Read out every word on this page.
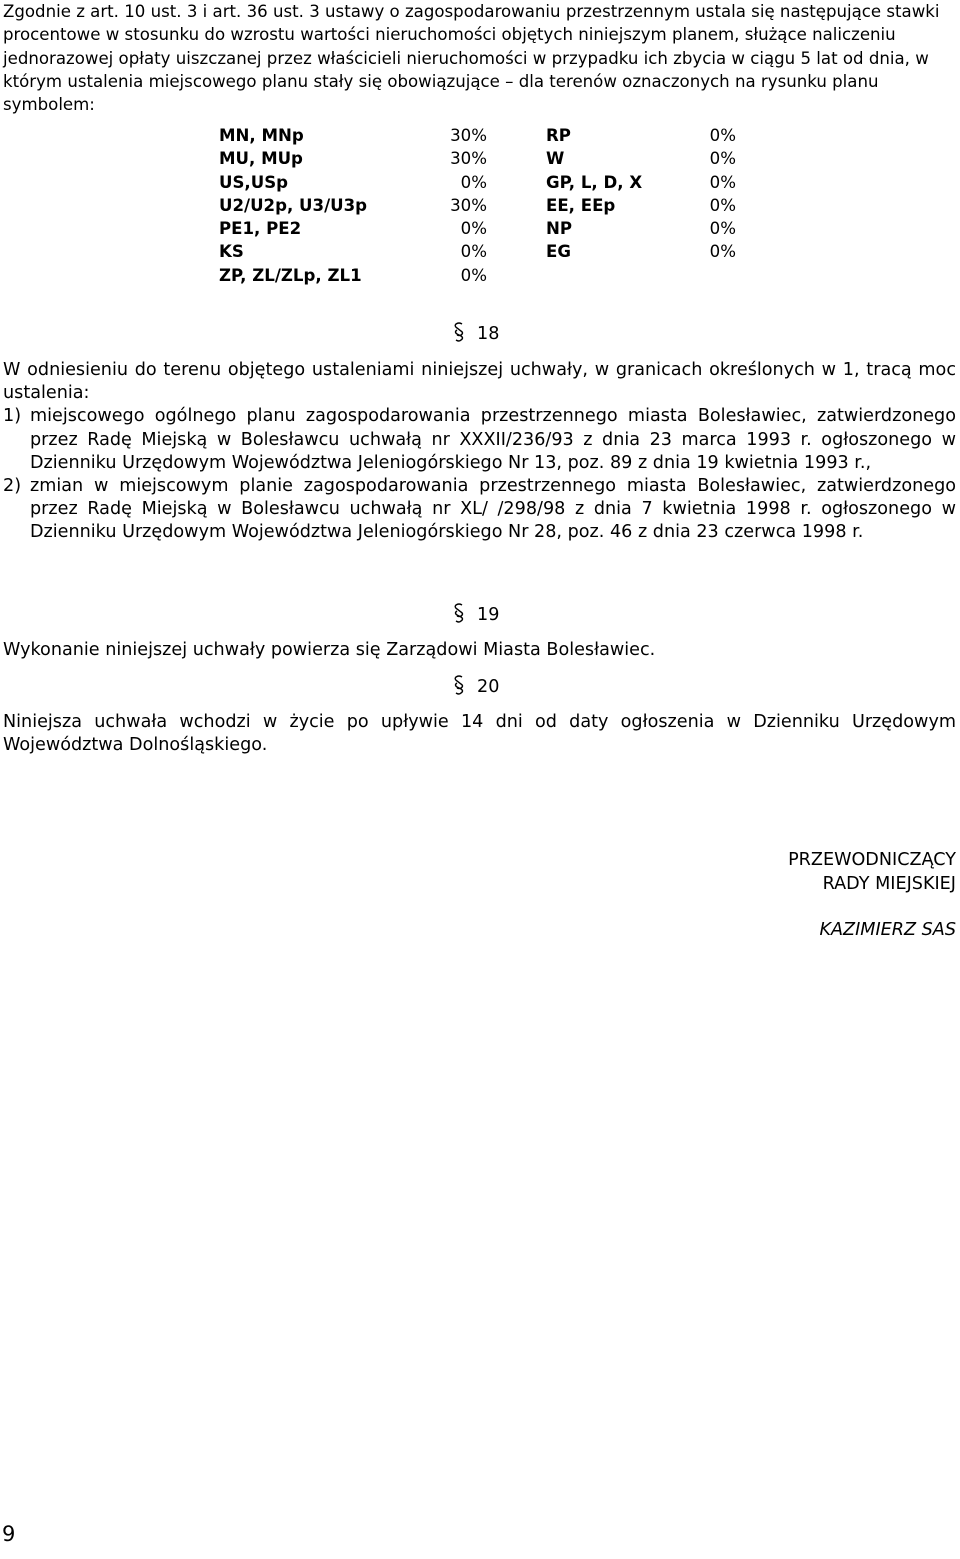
Zgodnie z art. 10 ust. 3 i art. 36 ust. 3 ustawy o zagospodarowaniu przestrzennym ustala się następujące stawki procentowe w stosunku do wzrostu wartości nieruchomości objętych niniejszym planem, służące naliczeniu jednorazowej opłaty uiszczanej przez właścicieli nieruchomości w przypadku ich zbycia w ciągu 5 lat od dnia, w którym ustalenia miejscowego planu stały się obowiązujące – dla terenów oznaczonych na rysunku planu symbolem:
MN, MNp	30%
MU, MUp	30%
US,USp	0%
U2/U2p, U3/U3p	30%
PE1, PE2	0%
KS	0%
ZP, ZL/ZLp, ZL1	0%
RP	0%
W	0%
GP, L, D, X	0%
EE, EEp	0%
NP	0%
EG	0%
18
W odniesieniu do terenu objętego ustaleniami niniejszej uchwały, w granicach określonych w 1, tracą moc ustalenia:
1) miejscowego ogólnego planu zagospodarowania przestrzennego miasta Bolesławiec, zatwierdzonego przez Radę Miejską w Bolesławcu uchwałą nr XXXII/236/93 z dnia 23 marca 1993 r. ogłoszonego w Dzienniku Urzędowym Województwa Jeleniogórskiego Nr 13, poz. 89 z dnia 19 kwietnia 1993 r.,
2) zmian w miejscowym planie zagospodarowania przestrzennego miasta Bolesławiec, zatwierdzonego przez Radę Miejską w Bolesławcu uchwałą nr XL/ /298/98 z dnia 7 kwietnia 1998 r. ogłoszonego w Dzienniku Urzędowym Województwa Jeleniogórskiego Nr 28, poz. 46 z dnia 23 czerwca 1998 r.
19
Wykonanie niniejszej uchwały powierza się Zarządowi Miasta Bolesławiec.
20
Niniejsza uchwała wchodzi w życie po upływie 14 dni od daty ogłoszenia w Dzienniku Urzędowym Województwa Dolnośląskiego.
PRZEWODNICZĄCY
RADY MIEJSKIEJ
KAZIMIERZ SAS
9
